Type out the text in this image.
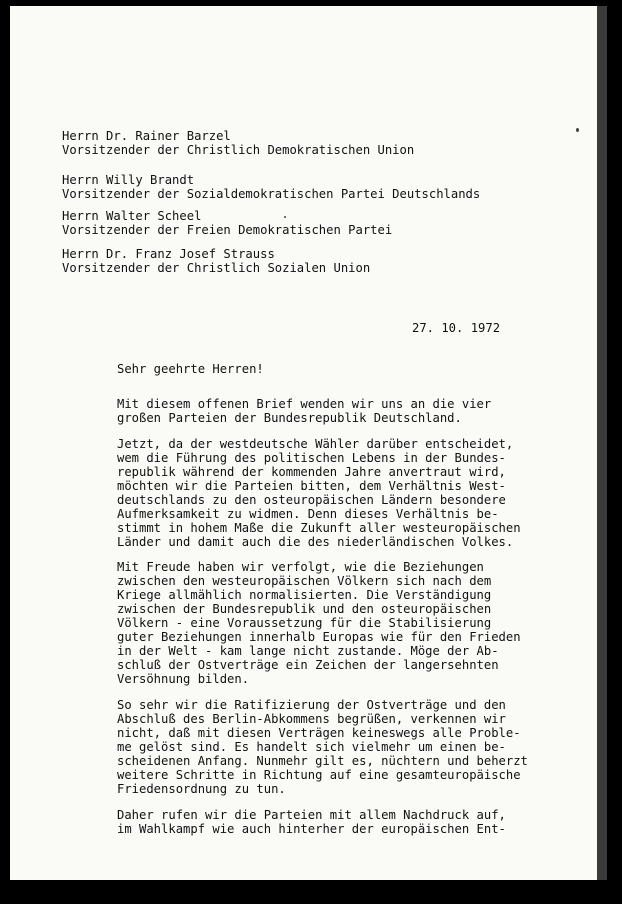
Herrn Dr. Rainer Barzel
Vorsitzender der Christlich Demokratischen Union
Herrn Willy Brandt
Vorsitzender der Sozialdemokratischen Partei Deutschlands
Herrn Walter Scheel
Vorsitzender der Freien Demokratischen Partei
Herrn Dr. Franz Josef Strauss
Vorsitzender der Christlich Sozialen Union
27. 10. 1972
Sehr geehrte Herren!
Mit diesem offenen Brief wenden wir uns an die vier
großen Parteien der Bundesrepublik Deutschland.
Jetzt, da der westdeutsche Wähler darüber entscheidet,
wem die Führung des politischen Lebens in der Bundes-
republik während der kommenden Jahre anvertraut wird,
möchten wir die Parteien bitten, dem Verhältnis West-
deutschlands zu den osteuropäischen Ländern besondere
Aufmerksamkeit zu widmen. Denn dieses Verhältnis be-
stimmt in hohem Maße die Zukunft aller westeuropäischen
Länder und damit auch die des niederländischen Volkes.
Mit Freude haben wir verfolgt, wie die Beziehungen
zwischen den westeuropäischen Völkern sich nach dem
Kriege allmählich normalisierten. Die Verständigung
zwischen der Bundesrepublik und den osteuropäischen
Völkern - eine Voraussetzung für die Stabilisierung
guter Beziehungen innerhalb Europas wie für den Frieden
in der Welt - kam lange nicht zustande. Möge der Ab-
schluß der Ostverträge ein Zeichen der langersehnten
Versöhnung bilden.
So sehr wir die Ratifizierung der Ostverträge und den
Abschluß des Berlin-Abkommens begrüßen, verkennen wir
nicht, daß mit diesen Verträgen keineswegs alle Proble-
me gelöst sind. Es handelt sich vielmehr um einen be-
scheidenen Anfang. Nunmehr gilt es, nüchtern und beherzt
weitere Schritte in Richtung auf eine gesamteuropäische
Friedensordnung zu tun.
Daher rufen wir die Parteien mit allem Nachdruck auf,
im Wahlkampf wie auch hinterher der europäischen Ent-
